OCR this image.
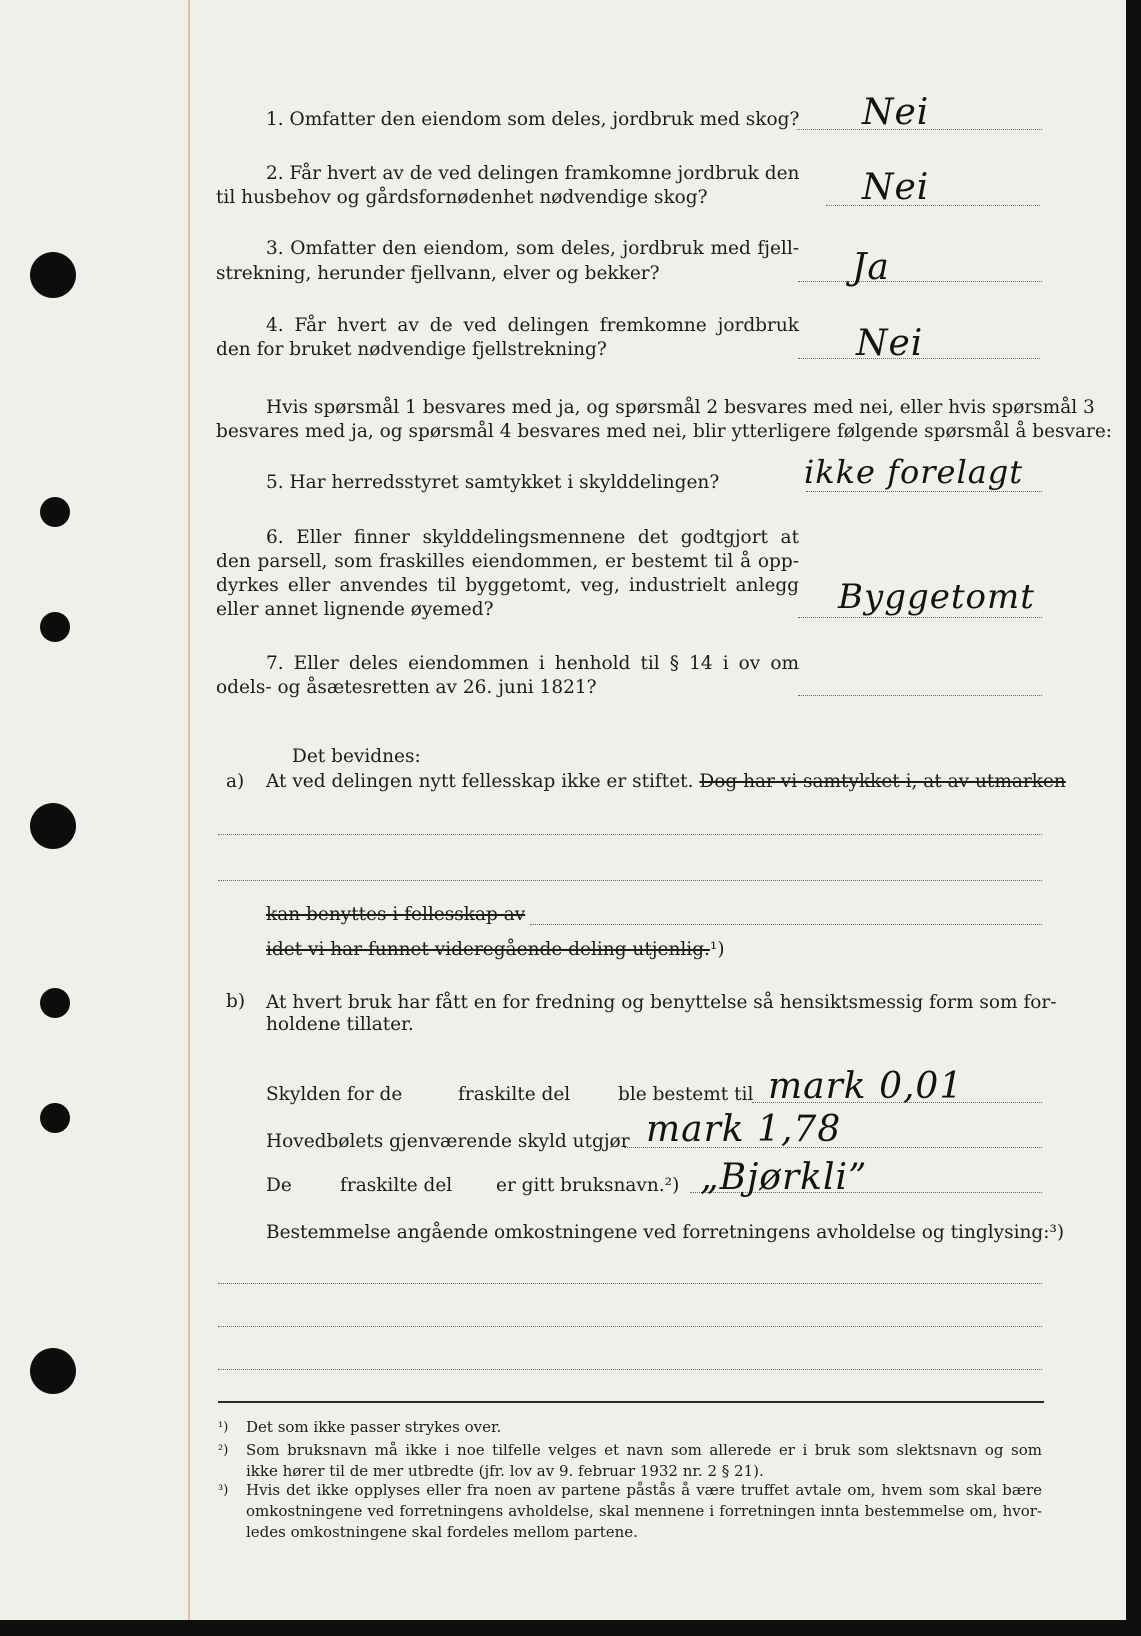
1. Omfatter den eiendom som deles, jordbruk med skog? Nei
2. Får hvert av de ved delingen framkomne jordbruk den
til husbehov og gårdsfornødenhet nødvendige skog?	Nei
3. Omfatter den eiendom, som deles, jordbruk med fjell-
strekning, herunder fjellvann, elver og bekker?	Ja
4. Får hvert av de ved delingen fremkomne jordbruk
den for bruket nødvendige fjellstrekning?	Nei
Hvis spørsmål 1 besvares med ja, og spørsmål 2 besvares med nei, eller hvis spørsmål 3
besvares med ja, og spørsmål 4 besvares med nei, blir ytterligere følgende spørsmål å besvare:
5. Har herredsstyret samtykket i skylddelingen?	ikke forelagt
6. Eller finner skylddelingsmennene det godtgjort at
den parsell, som fraskilles eiendommen, er bestemt til å opp-
dyrkes eller anvendes til byggetomt, veg, industrielt anlegg
eller annet lignende øyemed?	Byggetomt
7. Eller deles eiendommen i henhold til § 14 i ov om
odels- og åsætesretten av 26. juni 1821?
Det bevidnes:
a) At ved delingen nytt fellesskap ikke er stiftet. Dog har vi samtykket i, at av utmarken
kan benyttes i fellesskap av
idet vi har funnet videregående deling utjenlig.¹)
b) At hvert bruk har fått en for fredning og benyttelse så hensiktsmessig form som for-
holdene tillater.
Skylden for de	fraskilte del	ble bestemt til mark 0,01
Hovedbølets gjenværende skyld utgjør mark 1,78
De	fraskilte del er gitt bruksnavn.²) „Bjørkli”
Bestemmelse angående omkostningene ved forretningens avholdelse og tinglysing:³)
¹) Det som ikke passer strykes over.
²) Som bruksnavn må ikke i noe tilfelle velges et navn som allerede er i bruk som slektsnavn og som
ikke hører til de mer utbredte (jfr. lov av 9. februar 1932 nr. 2 § 21).
³) Hvis det ikke opplyses eller fra noen av partene påstås å være truffet avtale om, hvem som skal bære
omkostningene ved forretningens avholdelse, skal mennene i forretningen innta bestemmelse om, hvor-
ledes omkostningene skal fordeles mellom partene.
